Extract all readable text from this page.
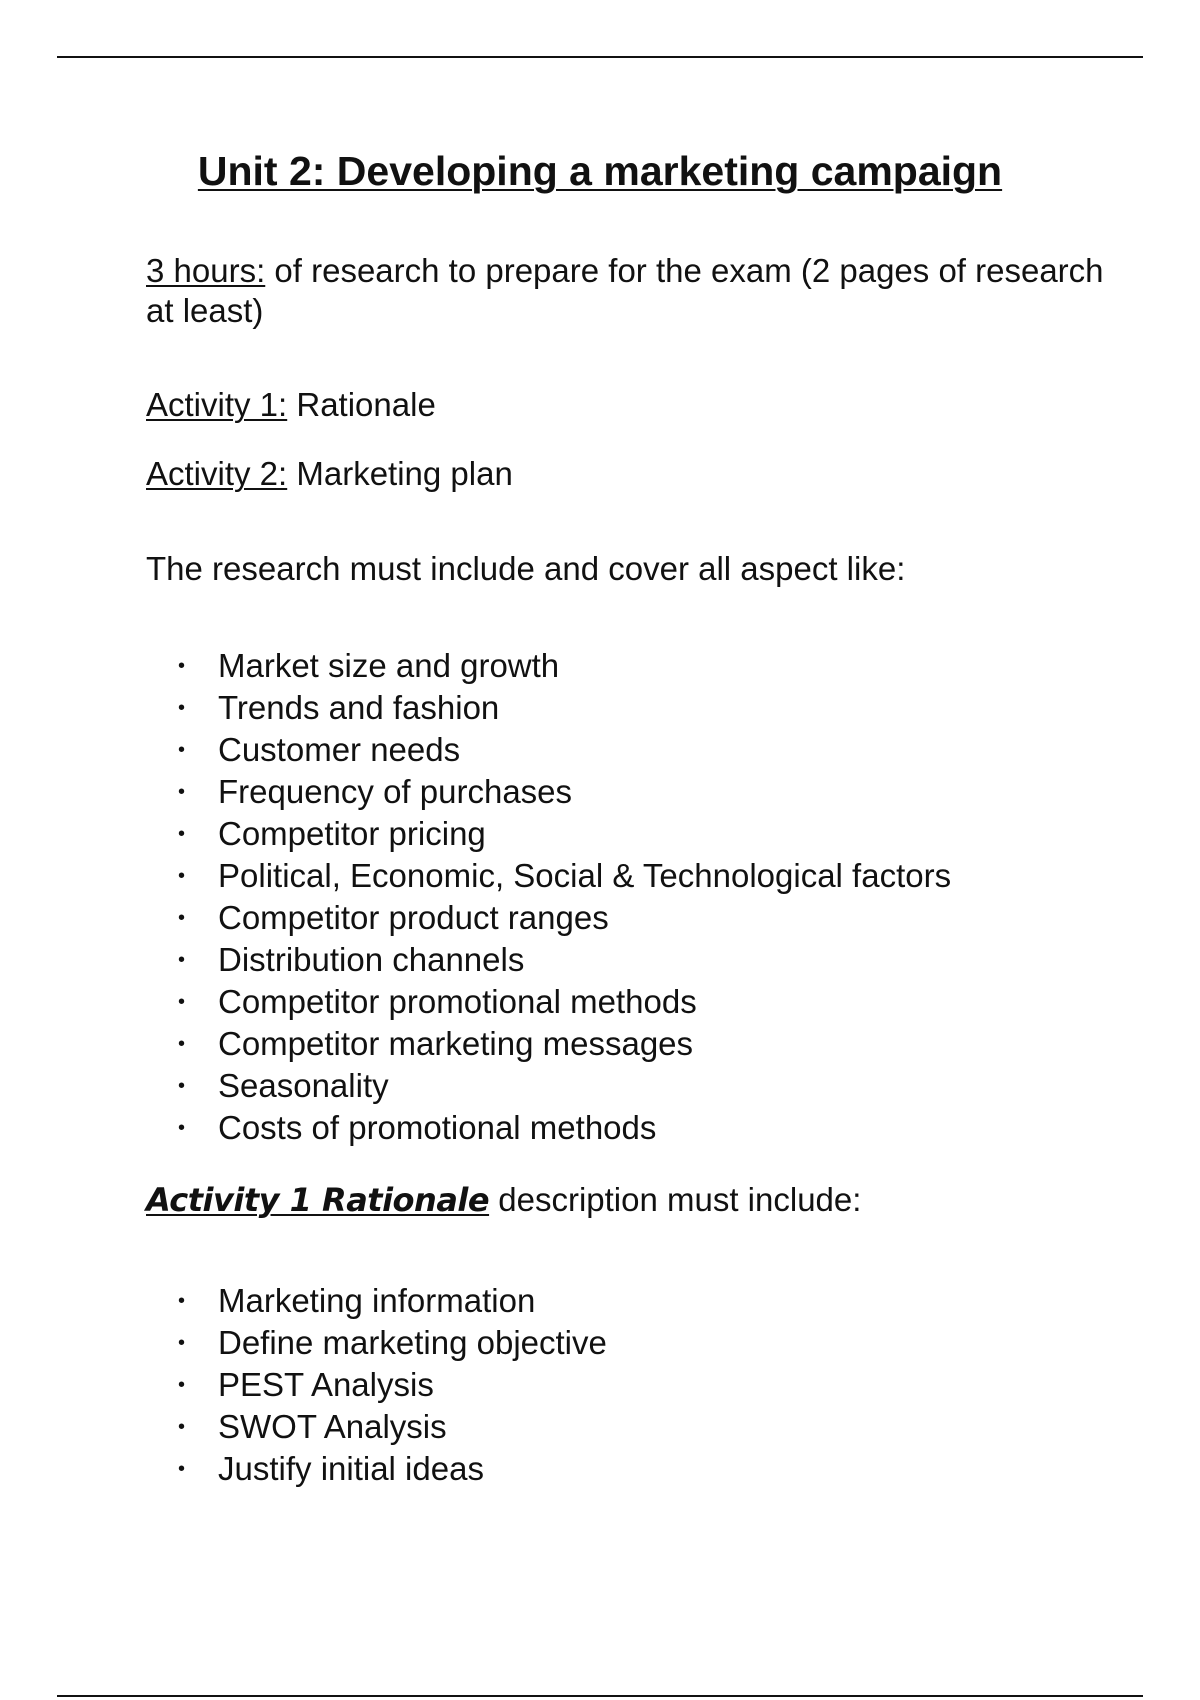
Unit 2: Developing a marketing campaign

3 hours: of research to prepare for the exam (2 pages of research at least)

Activity 1: Rationale

Activity 2: Marketing plan

The research must include and cover all aspect like:

• Market size and growth
• Trends and fashion
• Customer needs
• Frequency of purchases
• Competitor pricing
• Political, Economic, Social & Technological factors
• Competitor product ranges
• Distribution channels
• Competitor promotional methods
• Competitor marketing messages
• Seasonality
• Costs of promotional methods

Activity 1 Rationale description must include:

• Marketing information
• Define marketing objective
• PEST Analysis
• SWOT Analysis
• Justify initial ideas
